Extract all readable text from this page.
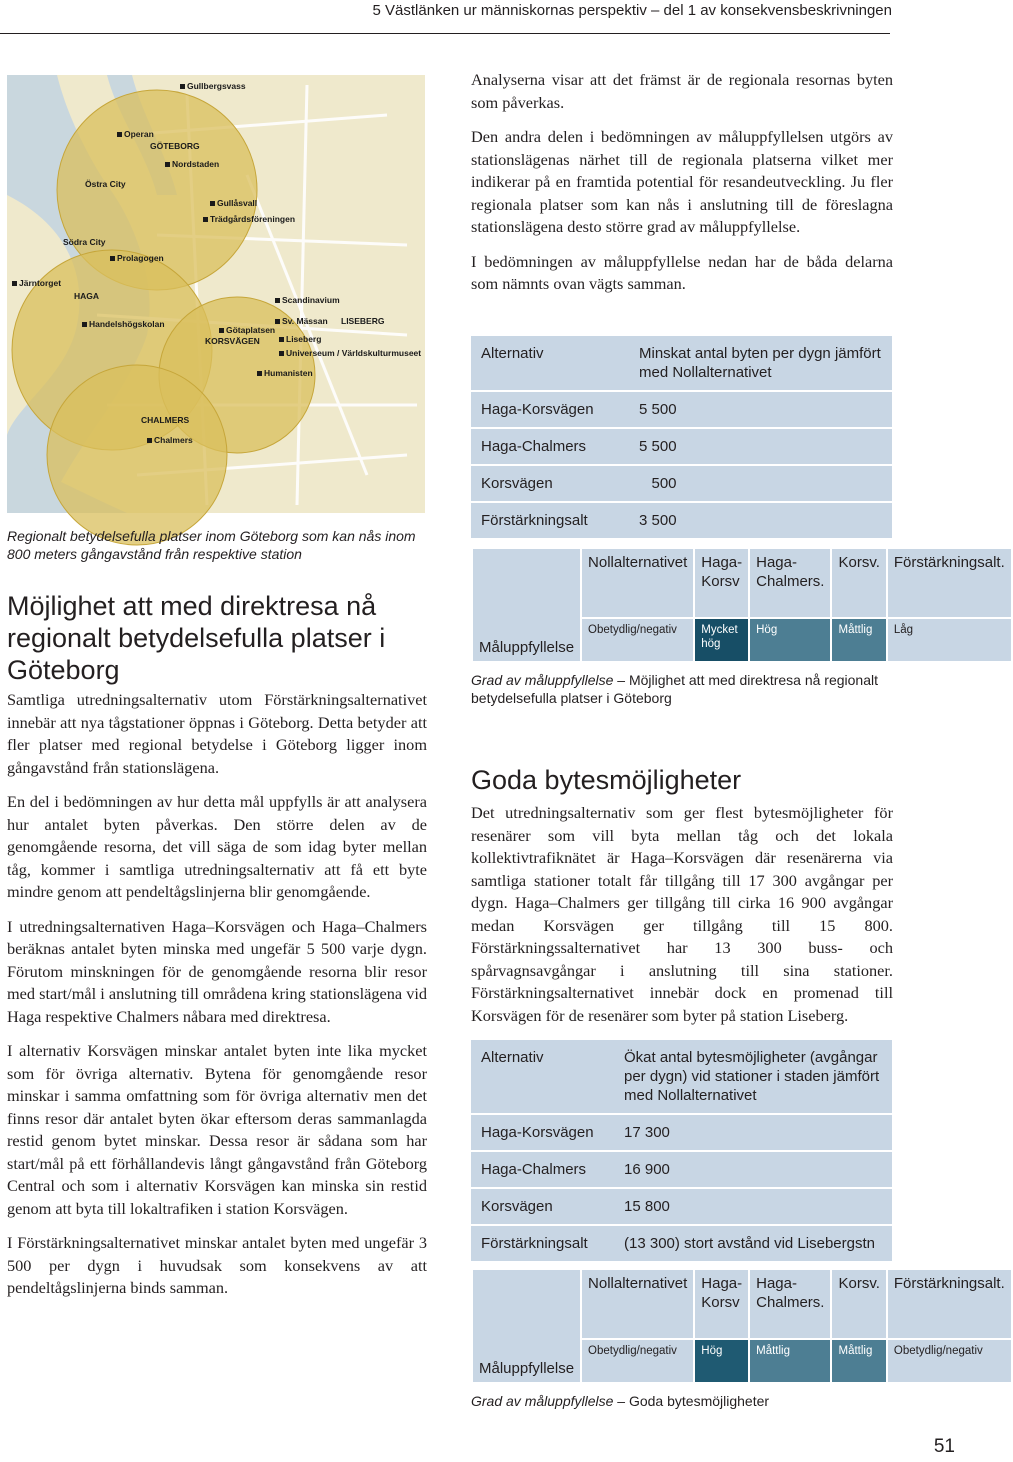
5 Västlänken ur människornas perspektiv – del 1 av konsekvensbeskrivningen
Gullbergsvass
Operan
GÖTEBORG
Nordstaden
Östra City
Gullåsvall
Trädgårdsföreningen
Södra City
Prolagogen
Järntorget
HAGA	Scandinavium
Handelshögskolan	Sv. Mässan LISEBERG
Götaplatsen
KORSVÄGEN	Liseberg
Universeum / Världskulturmuseet
Humanisten
CHALMERS
Chalmers
Regionalt betydelsefulla platser inom Göteborg som kan nås inom 800 meters gångavstånd från respektive station
Möjlighet att med direktresa nå regionalt betydelsefulla platser i Göteborg

Samtliga utredningsalternativ utom Förstärkningsalternativet innebär att nya tågstationer öppnas i Göteborg. Detta betyder att fler platser med regional betydelse i Göteborg ligger inom gångavstånd från stationslägena.

En del i bedömningen av hur detta mål uppfylls är att analysera hur antalet byten påverkas. Den större delen av de genomgående resorna, det vill säga de som idag byter mellan tåg, kommer i samtliga utredningsalternativ att få ett byte mindre genom att pendeltågslinjerna blir genomgående.

I utredningsalternativen Haga–Korsvägen och Haga–Chalmers beräknas antalet byten minska med ungefär 5 500 varje dygn. Förutom minskningen för de genomgående resorna blir resor med start/mål i anslutning till områdena kring stationslägena vid Haga respektive Chalmers nåbara med direktresa.

I alternativ Korsvägen minskar antalet byten inte lika mycket som för övriga alternativ. Bytena för genomgående resor minskar i samma omfattning som för övriga alternativ men det finns resor där antalet byten ökar eftersom deras sammanlagda restid genom bytet minskar. Dessa resor är sådana som har start/mål på ett förhållandevis långt gångavstånd från Göteborg Central och som i alternativ Korsvägen kan minska sin restid genom att byta till lokaltrafiken i station Korsvägen.

I Förstärkningsalternativet minskar antalet byten med ungefär 3 500 per dygn i huvudsak som konsekvens av att pendeltågslinjerna binds samman.

Analyserna visar att det främst är de regionala resornas byten som påverkas.

Den andra delen i bedömningen av måluppfyllelsen utgörs av stationslägenas närhet till de regionala platserna vilket mer indikerar på en framtida potential för resandeutveckling. Ju fler regionala platser som kan nås i anslutning till de föreslagna stationslägena desto större grad av måluppfyllelse.

I bedömningen av måluppfyllelse nedan har de båda delarna som nämnts ovan vägts samman.

Alternativ	Minskat antal byten per dygn jämfört med Nollalternativet
Haga-Korsvägen	5 500
Haga-Chalmers	5 500
Korsvägen	500
Förstärkningsalt	3 500
Måluppfyllelse	Nollalternativet	Haga-Korsv	Haga-Chalmers.	Korsv.	Förstärkningsalt.
	Obetydlig/negativ	Mycket hög	Hög	Måttlig	Låg
Grad av måluppfyllelse – Möjlighet att med direktresa nå regionalt betydelsefulla platser i Göteborg
Goda bytesmöjligheter

Det utredningsalternativ som ger flest bytesmöjligheter för resenärer som vill byta mellan tåg och det lokala kollektivtrafiknätet är Haga–Korsvägen där resenärerna via samtliga stationer totalt får tillgång till 17 300 avgångar per dygn. Haga–Chalmers ger tillgång till cirka 16 900 avgångar medan Korsvägen ger tillgång till 15 800. Förstärkningssalternativet har 13 300 buss- och spårvagnsavgångar i anslutning till sina stationer. Förstärkningsalternativet innebär dock en promenad till Korsvägen för de resenärer som byter på station Liseberg.

Alternativ	Ökat antal bytesmöjligheter (avgångar per dygn) vid stationer i staden jämfört med Nollalternativet
Haga-Korsvägen	17 300
Haga-Chalmers	16 900
Korsvägen	15 800
Förstärkningsalt	(13 300) stort avstånd vid Lisebergstn
Måluppfyllelse	Nollalternativet	Haga-Korsv	Haga-Chalmers.	Korsv.	Förstärkningsalt.
	Obetydlig/negativ	Hög	Måttlig	Måttlig	Obetydlig/negativ
Grad av måluppfyllelse – Goda bytesmöjligheter
51
